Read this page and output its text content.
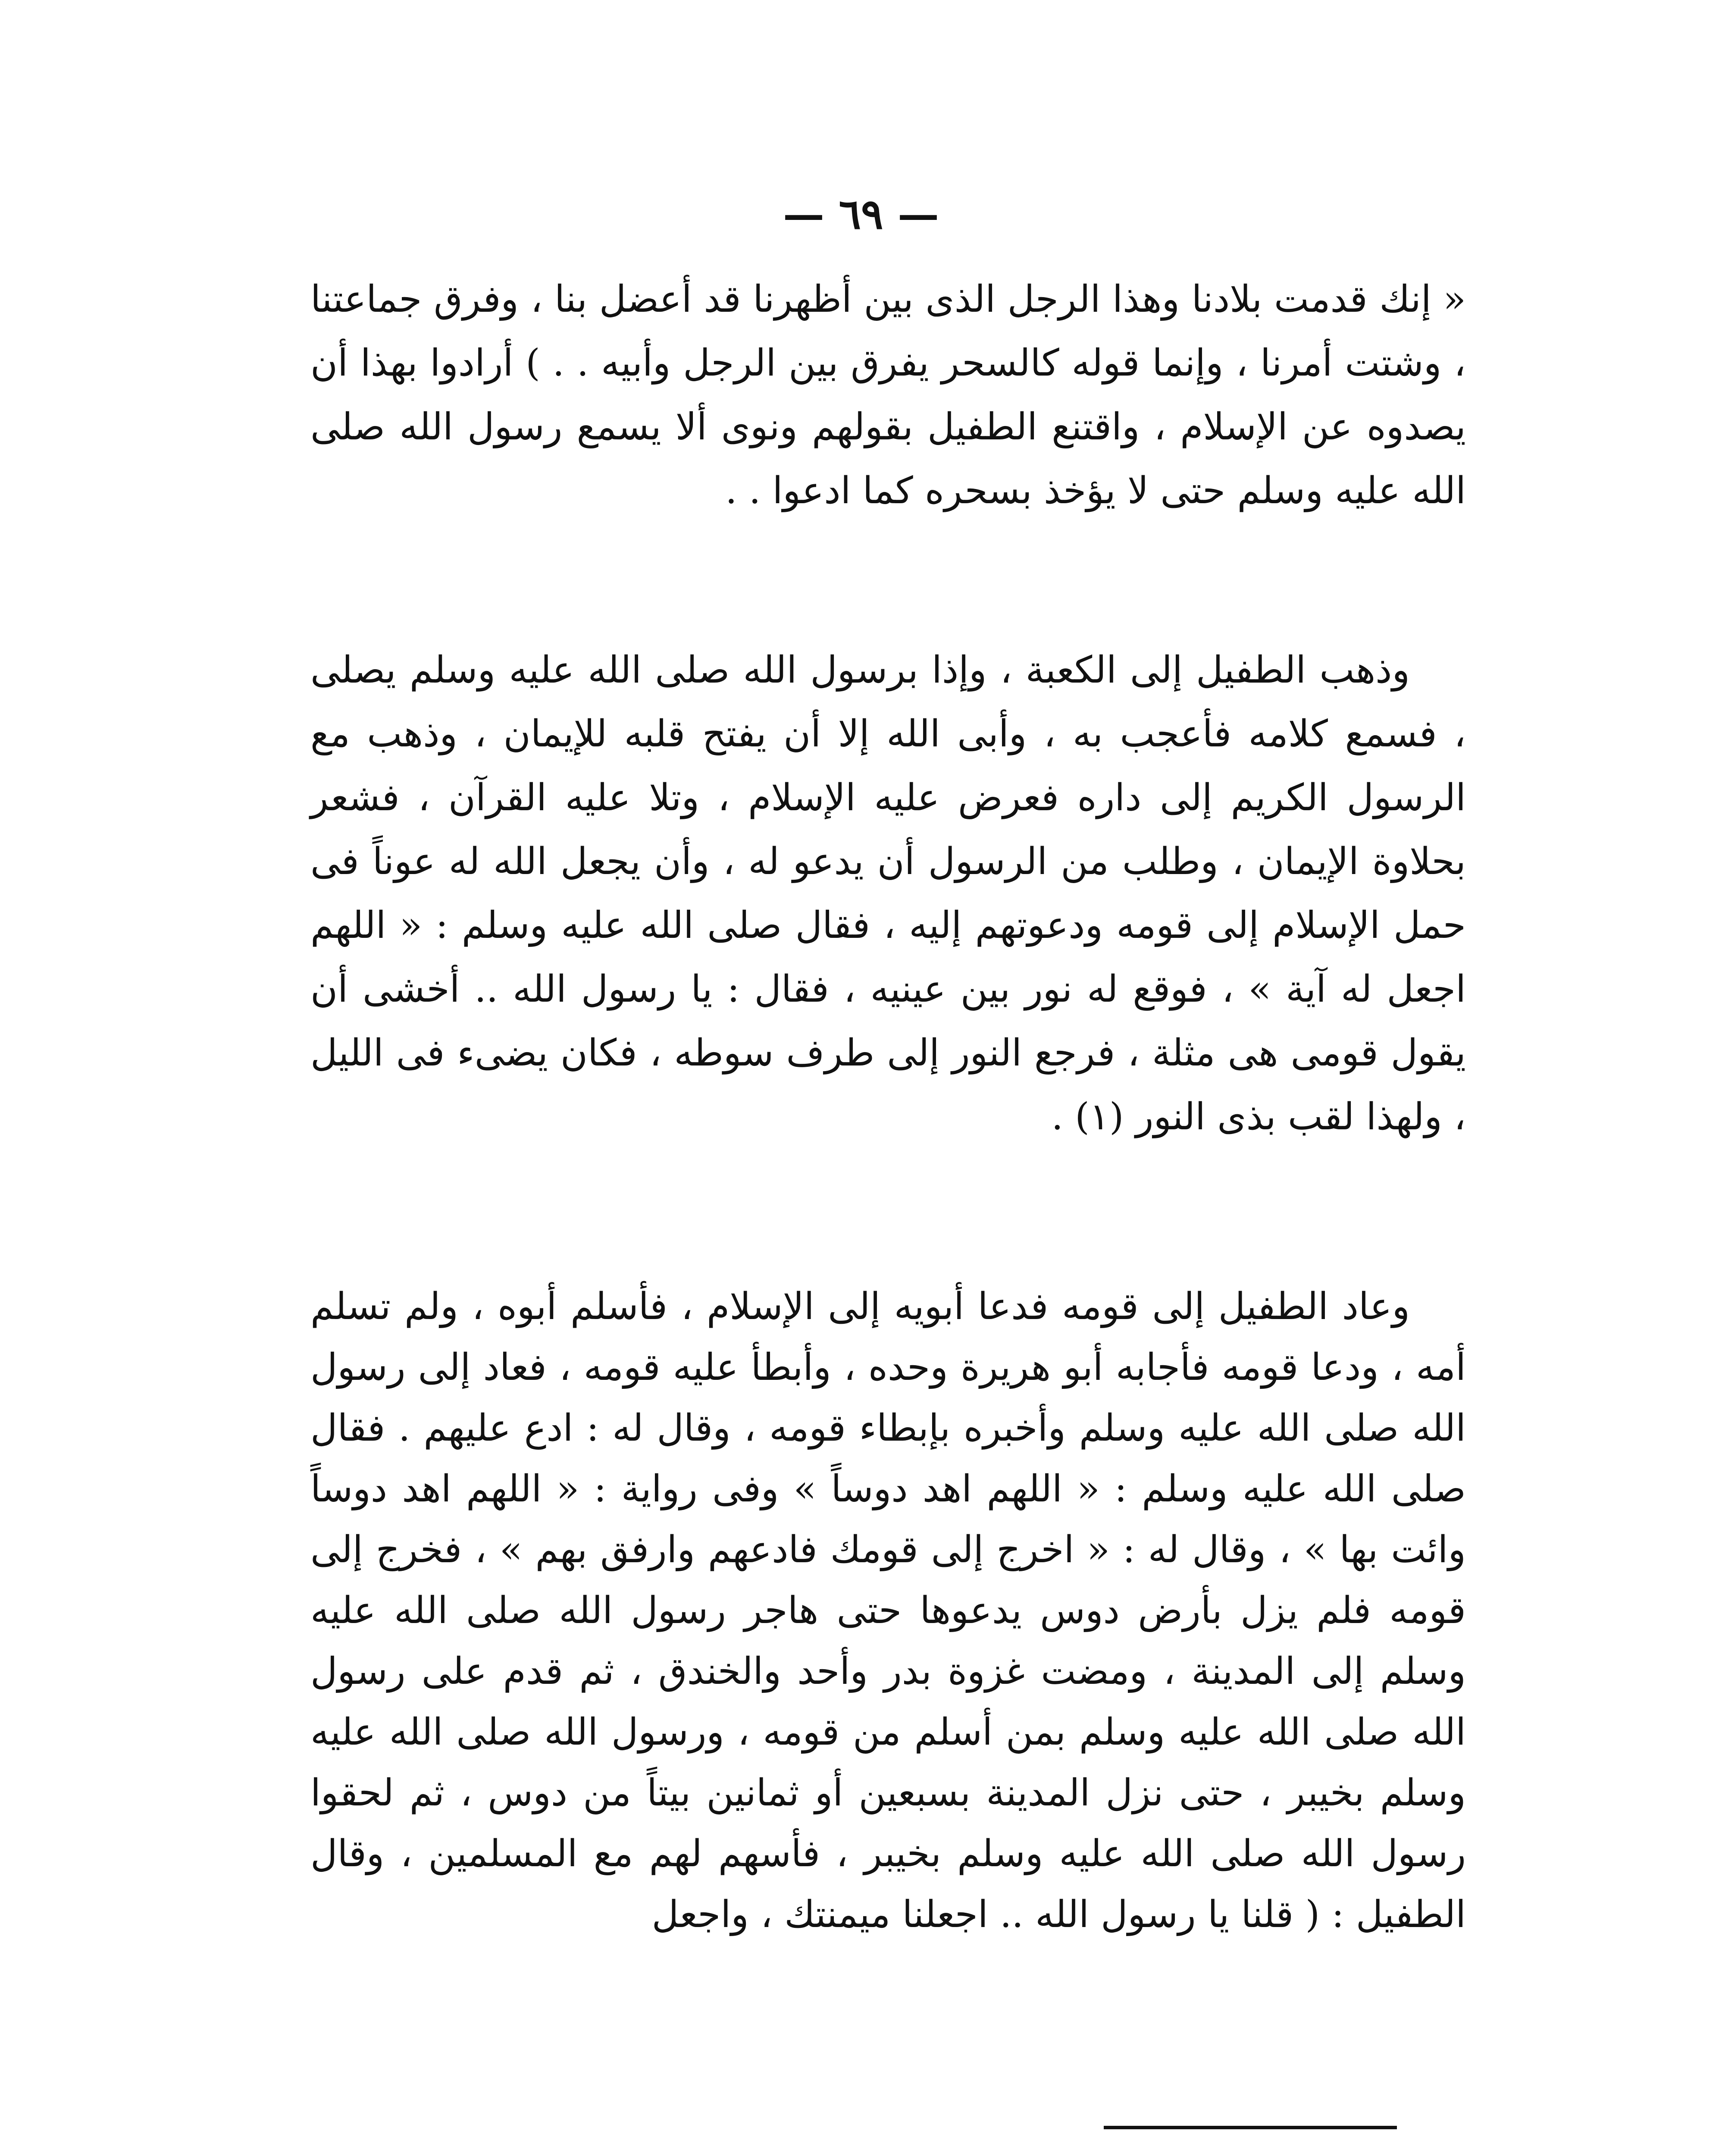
— ٦٩ —

« إنك قدمت بلادنا وهذا الرجل الذى بين أظهرنا قد أعضل بنا ، وفرق جماعتنا ، وشتت أمرنا ، وإنما قوله كالسحر يفرق بين الرجل وأبيه . . ) أرادوا بهذا أن يصدوه عن الإسلام ، واقتنع الطفيل بقولهم ونوى ألا يسمع رسول الله صلى الله عليه وسلم حتى لا يؤخذ بسحره كما ادعوا . .

وذهب الطفيل إلى الكعبة ، وإذا برسول الله صلى الله عليه وسلم يصلى ، فسمع كلامه فأعجب به ، وأبى الله إلا أن يفتح قلبه للإيمان ، وذهب مع الرسول الكريم إلى داره فعرض عليه الإسلام ، وتلا عليه القرآن ، فشعر بحلاوة الإيمان ، وطلب من الرسول أن يدعو له ، وأن يجعل الله له عوناً فى حمل الإسلام إلى قومه ودعوتهم إليه ، فقال صلى الله عليه وسلم : « اللهم اجعل له آية » ، فوقع له نور بين عينيه ، فقال : يا رسول الله .. أخشى أن يقول قومى هى مثلة ، فرجع النور إلى طرف سوطه ، فكان يضىء فى الليل ، ولهذا لقب بذى النور (١) .

وعاد الطفيل إلى قومه فدعا أبويه إلى الإسلام ، فأسلم أبوه ، ولم تسلم أمه ، ودعا قومه فأجابه أبو هريرة وحده ، وأبطأ عليه قومه ، فعاد إلى رسول الله صلى الله عليه وسلم وأخبره بإبطاء قومه ، وقال له : ادع عليهم . فقال صلى الله عليه وسلم : « اللهم اهد دوساً » وفى رواية : « اللهم اهد دوساً وائت بها » ، وقال له : « اخرج إلى قومك فادعهم وارفق بهم » ، فخرج إلى قومه فلم يزل بأرض دوس يدعوها حتى هاجر رسول الله صلى الله عليه وسلم إلى المدينة ، ومضت غزوة بدر وأحد والخندق ، ثم قدم على رسول الله صلى الله عليه وسلم بمن أسلم من قومه ، ورسول الله صلى الله عليه وسلم بخيبر ، حتى نزل المدينة بسبعين أو ثمانين بيتاً من دوس ، ثم لحقوا رسول الله صلى الله عليه وسلم بخيبر ، فأسهم لهم مع المسلمين ، وقال الطفيل : ( قلنا يا رسول الله .. اجعلنا ميمنتك ، واجعل
